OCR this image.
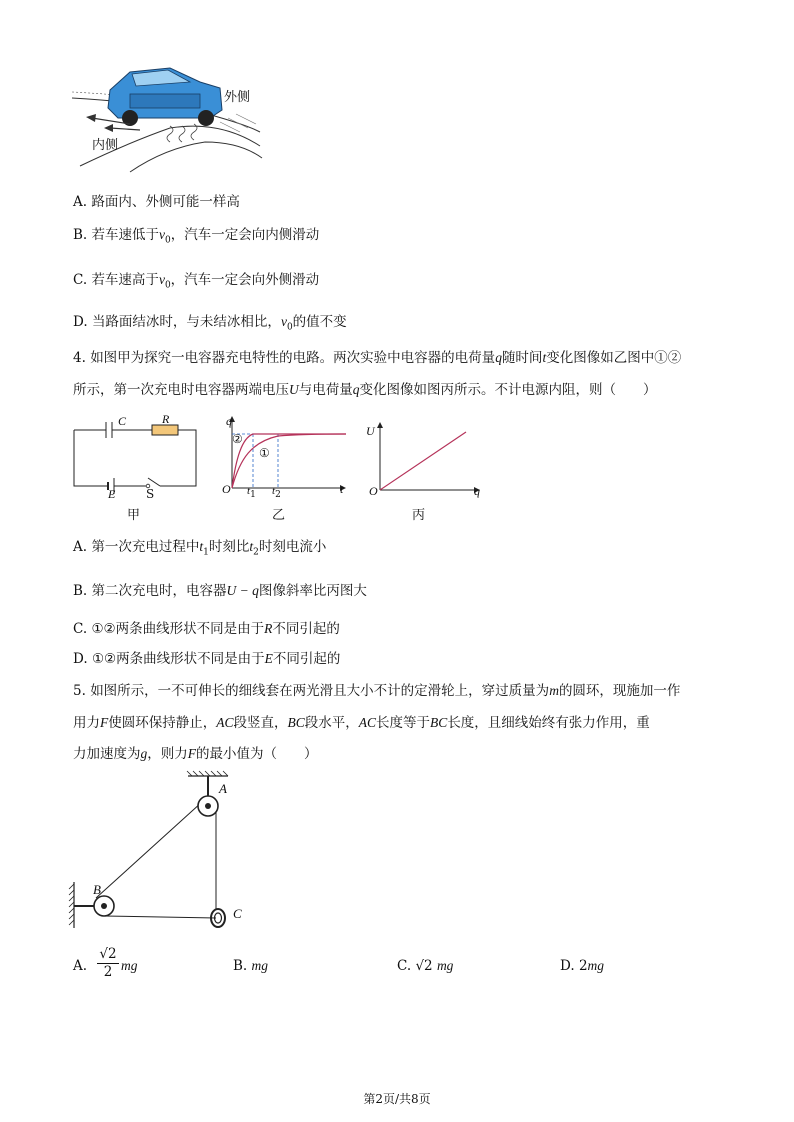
外侧
内侧
A. 路面内、外侧可能一样高
B. 若车速低于$v_0$，汽车一定会向内侧滑动
C. 若车速高于$v_0$，汽车一定会向外侧滑动
D. 当路面结冰时，与未结冰相比，$v_0$的值不变
4. 如图甲为探究一电容器充电特性的电路。两次实验中电容器的电荷量q随时间t变化图像如乙图中①②
所示，第一次充电时电容器两端电压U与电荷量q变化图像如图丙所示。不计电源内阻，则（　　）
C	R
E	S
甲
q
t
O $t_1$ $t_2$
②
①
乙
U
q
O
丙
A. 第一次充电过程中$t_1$时刻比$t_2$时刻电流小
B. 第二次充电时，电容器U − q图像斜率比丙图大
C. ①②两条曲线形状不同是由于R不同引起的
D. ①②两条曲线形状不同是由于E不同引起的
5. 如图所示，一不可伸长的细线套在两光滑且大小不计的定滑轮上，穿过质量为m的圆环，现施加一作
用力F使圆环保持静止，AC段竖直，BC段水平，AC长度等于BC长度，且细线始终有张力作用，重
力加速度为g，则力F的最小值为（　　）
A
B
C
A.
√2
2 mg	B. mg	C. √2 mg	D. 2mg
第2页/共8页
